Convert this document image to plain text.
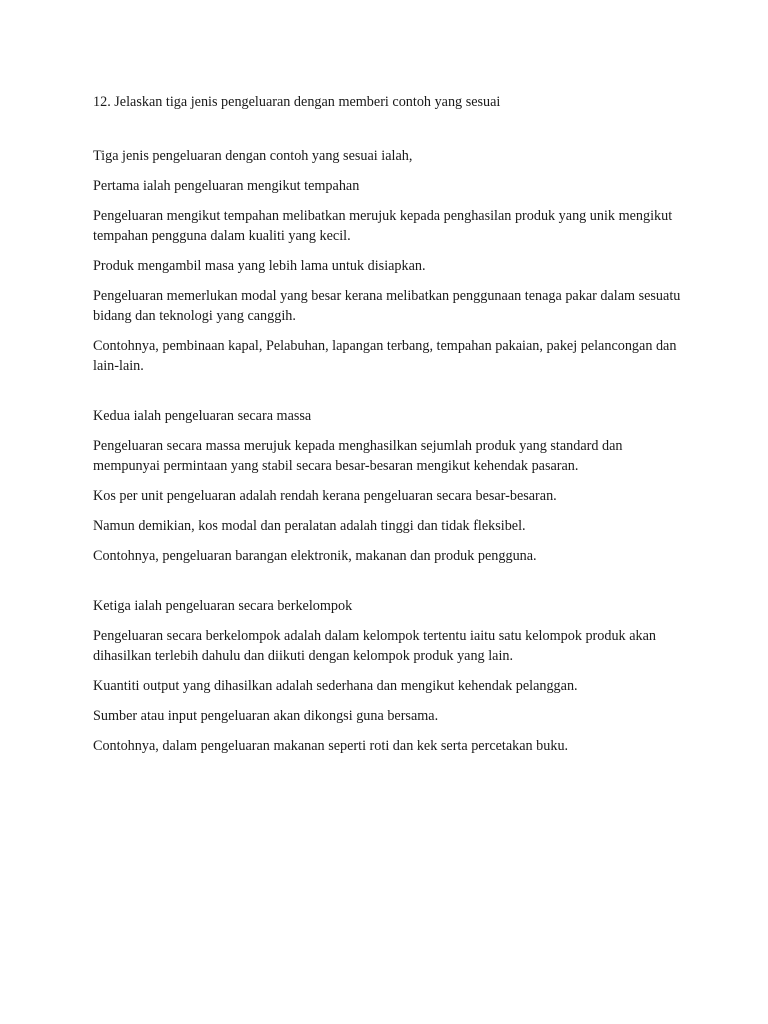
12. Jelaskan tiga jenis pengeluaran dengan memberi contoh yang sesuai

Tiga jenis pengeluaran dengan contoh yang sesuai ialah,

Pertama ialah pengeluaran mengikut tempahan

Pengeluaran mengikut tempahan melibatkan merujuk kepada penghasilan produk yang unik mengikut tempahan pengguna dalam kualiti yang kecil.

Produk mengambil masa yang lebih lama untuk disiapkan.

Pengeluaran memerlukan modal yang besar kerana melibatkan penggunaan tenaga pakar dalam sesuatu bidang dan teknologi yang canggih.

Contohnya, pembinaan kapal, Pelabuhan, lapangan terbang, tempahan pakaian, pakej pelancongan dan lain-lain.

Kedua ialah pengeluaran secara massa

Pengeluaran secara massa merujuk kepada menghasilkan sejumlah produk yang standard dan mempunyai permintaan yang stabil secara besar-besaran mengikut kehendak pasaran.

Kos per unit pengeluaran adalah rendah kerana pengeluaran secara besar-besaran.

Namun demikian, kos modal dan peralatan adalah tinggi dan tidak fleksibel.

Contohnya, pengeluaran barangan elektronik, makanan dan produk pengguna.

Ketiga ialah pengeluaran secara berkelompok

Pengeluaran secara berkelompok adalah dalam kelompok tertentu iaitu satu kelompok produk akan dihasilkan terlebih dahulu dan diikuti dengan kelompok produk yang lain.

Kuantiti output yang dihasilkan adalah sederhana dan mengikut kehendak pelanggan.

Sumber atau input pengeluaran akan dikongsi guna bersama.

Contohnya, dalam pengeluaran makanan seperti roti dan kek serta percetakan buku.
